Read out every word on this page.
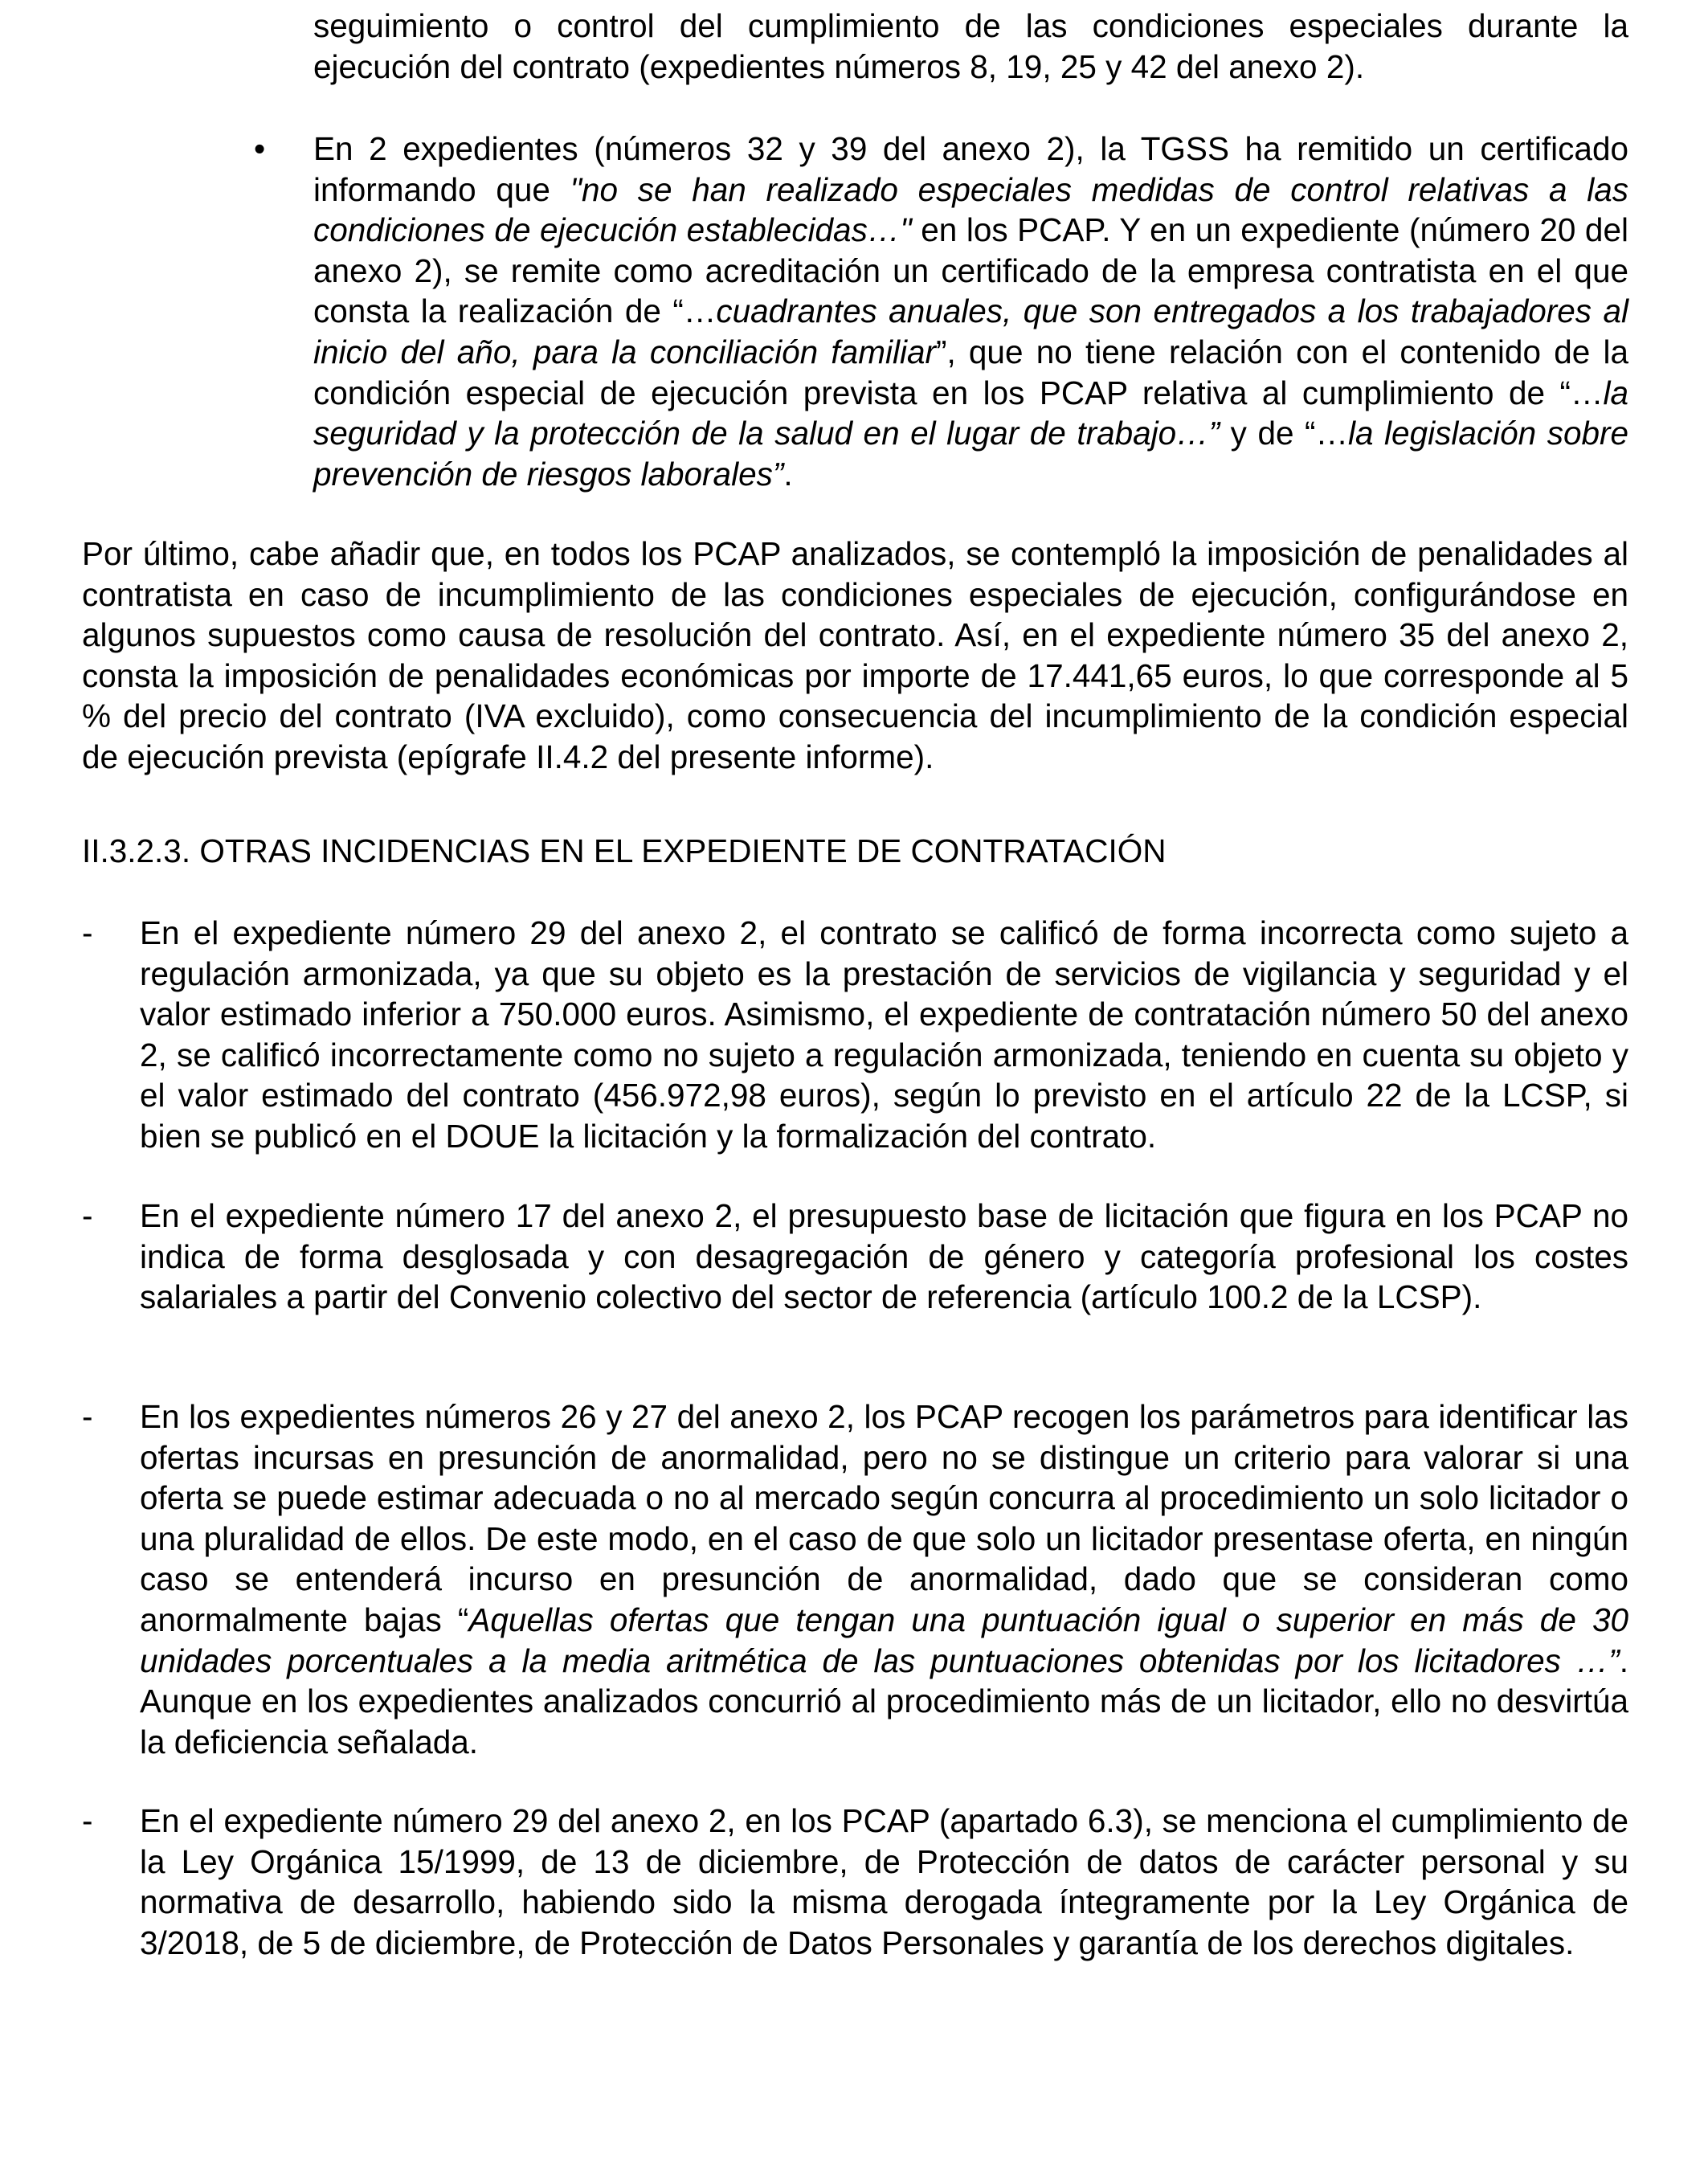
seguimiento o control del cumplimiento de las condiciones especiales durante la
ejecución del contrato (expedientes números 8, 19, 25 y 42 del anexo 2).
• En 2 expedientes (números 32 y 39 del anexo 2), la TGSS ha remitido un certificado informando que "no se han realizado especiales medidas de control relativas a las condiciones de ejecución establecidas…" en los PCAP. Y en un expediente (número 20 del anexo 2), se remite como acreditación un certificado de la empresa contratista en el que consta la realización de “…cuadrantes anuales, que son entregados a los trabajadores al inicio del año, para la conciliación familiar”, que no tiene relación con el contenido de la condición especial de ejecución prevista en los PCAP relativa al cumplimiento de “…la seguridad y la protección de la salud en el lugar de trabajo…” y de “…la legislación sobre prevención de riesgos laborales”.

Por último, cabe añadir que, en todos los PCAP analizados, se contempló la imposición de penalidades al contratista en caso de incumplimiento de las condiciones especiales de ejecución, configurándose en algunos supuestos como causa de resolución del contrato. Así, en el expediente número 35 del anexo 2, consta la imposición de penalidades económicas por importe de 17.441,65 euros, lo que corresponde al 5 % del precio del contrato (IVA excluido), como consecuencia del incumplimiento de la condición especial de ejecución prevista (epígrafe II.4.2 del presente informe).

II.3.2.3. OTRAS INCIDENCIAS EN EL EXPEDIENTE DE CONTRATACIÓN
- En el expediente número 29 del anexo 2, el contrato se calificó de forma incorrecta como sujeto a regulación armonizada, ya que su objeto es la prestación de servicios de vigilancia y seguridad y el valor estimado inferior a 750.000 euros. Asimismo, el expediente de contratación número 50 del anexo 2, se calificó incorrectamente como no sujeto a regulación armonizada, teniendo en cuenta su objeto y el valor estimado del contrato (456.972,98 euros), según lo previsto en el artículo 22 de la LCSP, si bien se publicó en el DOUE la licitación y la formalización del contrato.

- En el expediente número 17 del anexo 2, el presupuesto base de licitación que figura en los PCAP no indica de forma desglosada y con desagregación de género y categoría profesional los costes salariales a partir del Convenio colectivo del sector de referencia (artículo 100.2 de la LCSP).

- En los expedientes números 26 y 27 del anexo 2, los PCAP recogen los parámetros para identificar las ofertas incursas en presunción de anormalidad, pero no se distingue un criterio para valorar si una oferta se puede estimar adecuada o no al mercado según concurra al procedimiento un solo licitador o una pluralidad de ellos. De este modo, en el caso de que solo un licitador presentase oferta, en ningún caso se entenderá incurso en presunción de anormalidad, dado que se consideran como anormalmente bajas “Aquellas ofertas que tengan una puntuación igual o superior en más de 30 unidades porcentuales a la media aritmética de las puntuaciones obtenidas por los licitadores …”. Aunque en los expedientes analizados concurrió al procedimiento más de un licitador, ello no desvirtúa la deficiencia señalada.

- En el expediente número 29 del anexo 2, en los PCAP (apartado 6.3), se menciona el cumplimiento de la Ley Orgánica 15/1999, de 13 de diciembre, de Protección de datos de carácter personal y su normativa de desarrollo, habiendo sido la misma derogada íntegramente por la Ley Orgánica de 3/2018, de 5 de diciembre, de Protección de Datos Personales y garantía de los derechos digitales.
